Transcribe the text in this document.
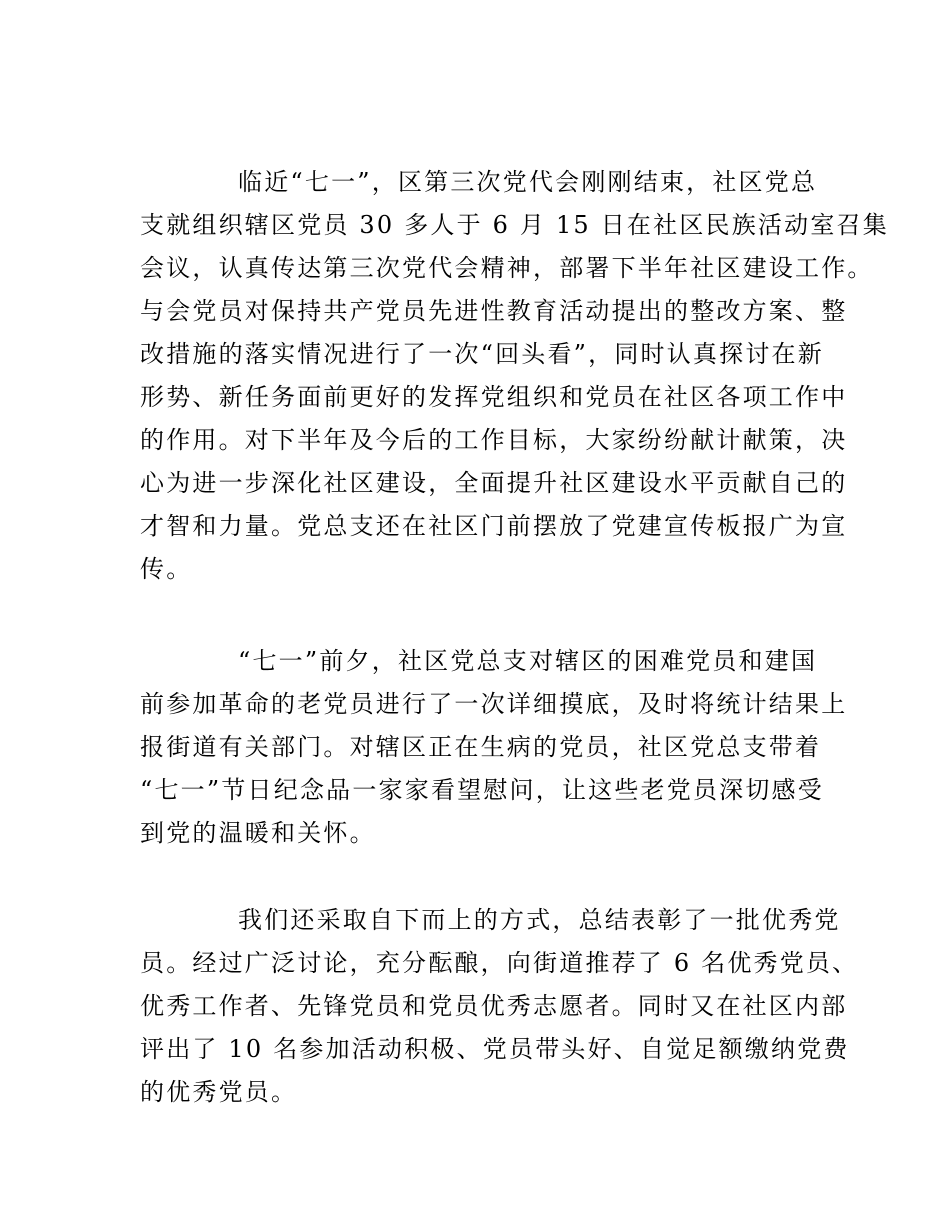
临近“七一”，区第三次党代会刚刚结束，社区党总
支就组织辖区党员 30 多人于 6 月 15 日在社区民族活动室召集
会议，认真传达第三次党代会精神，部署下半年社区建设工作。
与会党员对保持共产党员先进性教育活动提出的整改方案、整
改措施的落实情况进行了一次“回头看”，同时认真探讨在新
形势、新任务面前更好的发挥党组织和党员在社区各项工作中
的作用。对下半年及今后的工作目标，大家纷纷献计献策，决
心为进一步深化社区建设，全面提升社区建设水平贡献自己的
才智和力量。党总支还在社区门前摆放了党建宣传板报广为宣
传。
“七一”前夕，社区党总支对辖区的困难党员和建国
前参加革命的老党员进行了一次详细摸底，及时将统计结果上
报街道有关部门。对辖区正在生病的党员，社区党总支带着
“七一”节日纪念品一家家看望慰问，让这些老党员深切感受
到党的温暖和关怀。
我们还采取自下而上的方式，总结表彰了一批优秀党
员。经过广泛讨论，充分酝酿，向街道推荐了 6 名优秀党员、
优秀工作者、先锋党员和党员优秀志愿者。同时又在社区内部
评出了 10 名参加活动积极、党员带头好、自觉足额缴纳党费
的优秀党员。
